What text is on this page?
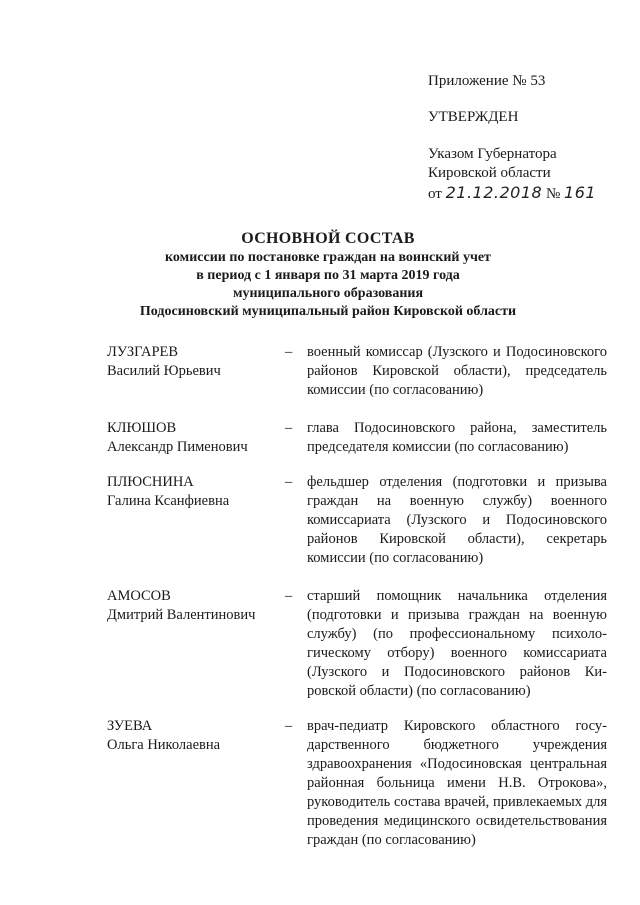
Приложение № 53
УТВЕРЖДЕН
Указом Губернатора
Кировской области
от 21.12.2018 № 161
ОСНОВНОЙ СОСТАВ
комиссии по постановке граждан на воинский учет
в период с 1 января по 31 марта 2019 года
муниципального образования
Подосиновский муниципальный район Кировской области
ЛУЗГАРЕВ
Василий Юрьевич
–	военный комиссар (Лузского и Подосиновского районов Кировской области), председатель комиссии (по согласованию)
КЛЮШОВ
Александр Пименович
–	глава Подосиновского района, заместитель председателя комиссии (по согласованию)
ПЛЮСНИНА
Галина Ксанфиевна
–	фельдшер отделения (подготовки и призыва граждан на военную службу) военного комиссариата (Лузского и Подосиновского районов Кировской области), секретарь комиссии (по согласованию)
АМОСОВ
Дмитрий Валентинович
–	старший помощник начальника отделения (подготовки и призыва граждан на военную службу) (по профессиональному психологическому отбору) военного комиссариата (Лузского и Подосиновского районов Кировской области) (по согласованию)
ЗУЕВА
Ольга Николаевна
–	врач-педиатр Кировского областного государственного бюджетного учреждения здравоохранения «Подосиновская центральная районная больница имени Н.В. Отрокова», руководитель состава врачей, привлекаемых для проведения медицинского освидетельствования граждан (по согласованию)
